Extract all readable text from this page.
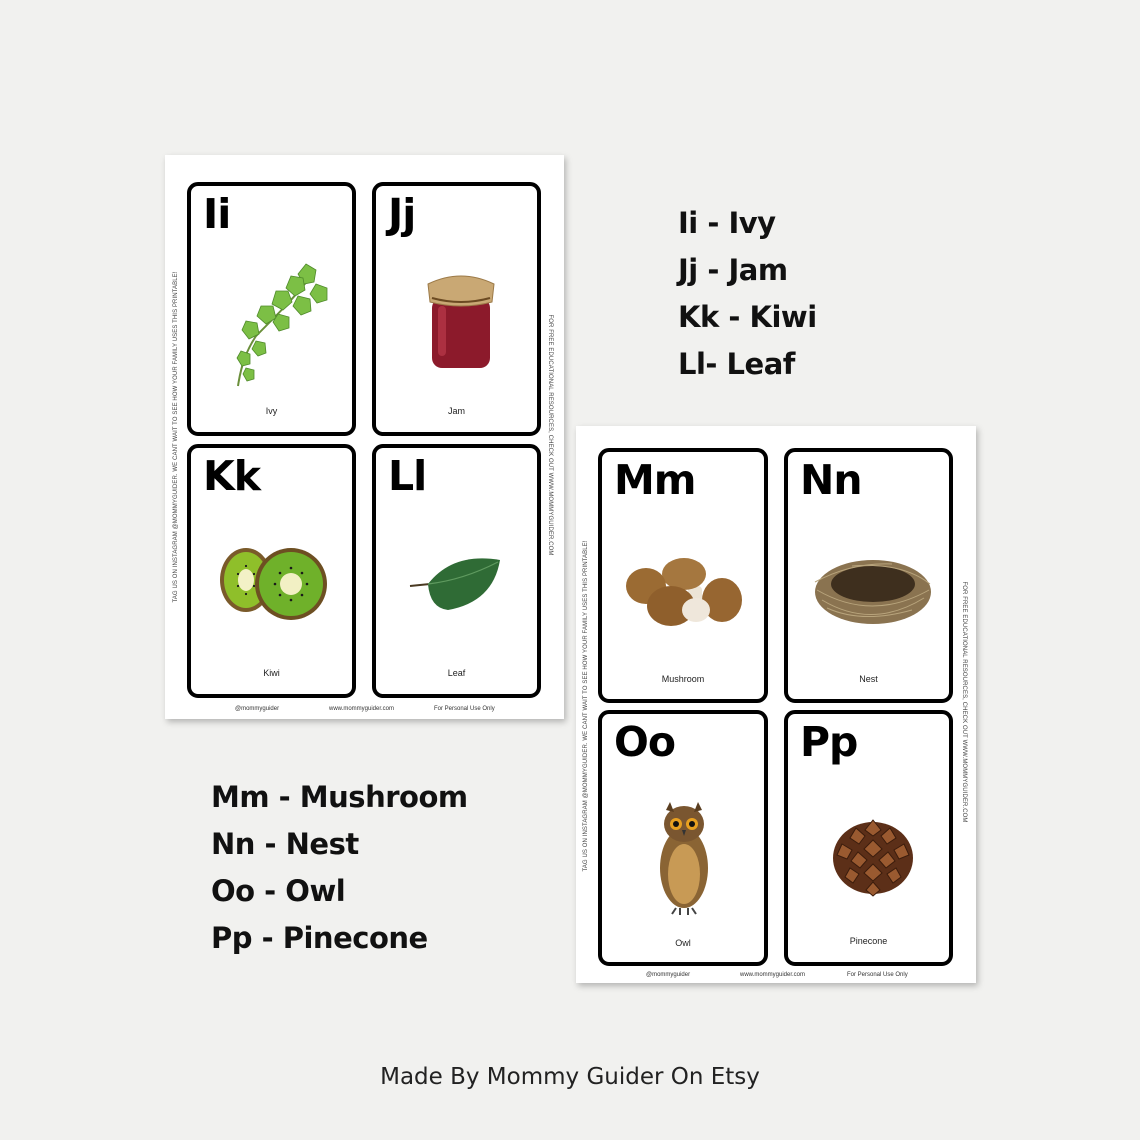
TAG US ON INSTAGRAM @MOMMYGUIDER. WE CANT WAIT TO SEE HOW YOUR FAMILY USES THIS PRINTABLE!	FOR FREE EDUCATIONAL RESOURCES, CHECK OUT WWW.MOMMYGUIDER.COM
Ii
Ivy
Jj
Jam
Kk
Kiwi
Ll
Leaf
@mommyguider	www.mommyguider.com	For Personal Use Only	TAG US ON INSTAGRAM @MOMMYGUIDER. WE CANT WAIT TO SEE HOW YOUR FAMILY USES THIS PRINTABLE!	FOR FREE EDUCATIONAL RESOURCES, CHECK OUT WWW.MOMMYGUIDER.COM
Mm
Mushroom
Nn
Nest
Oo
Owl
Pp
Pinecone
@mommyguider	www.mommyguider.com	For Personal Use Only
Ii - Ivy
Jj - Jam
Kk - Kiwi
Ll- Leaf
Mm - Mushroom
Nn - Nest
Oo - Owl
Pp - Pinecone
Made By Mommy Guider On Etsy
